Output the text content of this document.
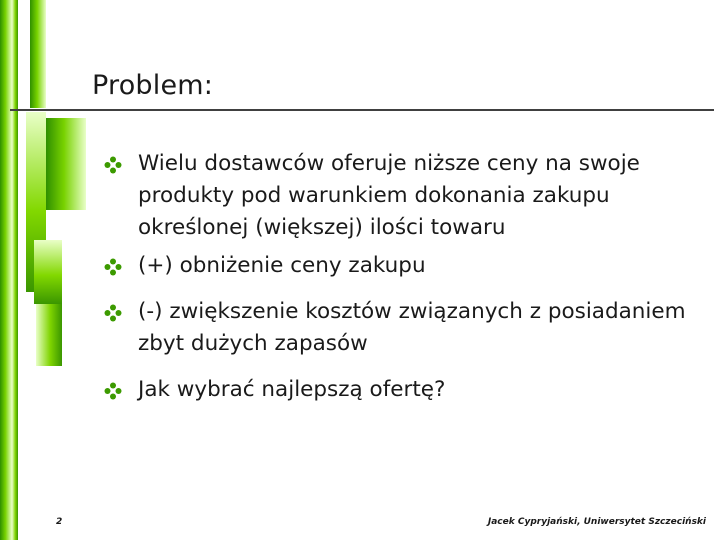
Problem:
Wielu dostawców oferuje niższe ceny na swoje produkty pod warunkiem dokonania zakupu określonej (większej) ilości towaru
(+) obniżenie ceny zakupu
(-) zwiększenie kosztów związanych z posiadaniem zbyt dużych zapasów
Jak wybrać najlepszą ofertę?
2	Jacek Cypryjański, Uniwersytet Szczeciński
